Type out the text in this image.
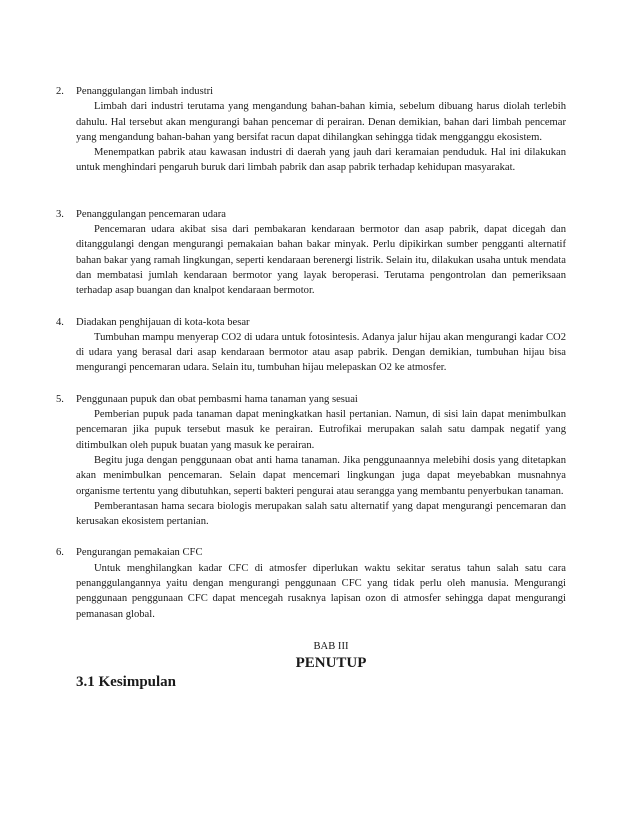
2.	Penanggulangan limbah industri

Limbah dari industri terutama yang mengandung bahan-bahan kimia, sebelum dibuang harus diolah terlebih dahulu. Hal tersebut akan mengurangi bahan pencemar di perairan. Denan demikian, bahan dari limbah pencemar yang mengandung bahan-bahan yang bersifat racun dapat dihilangkan sehingga tidak mengganggu ekosistem.

Menempatkan pabrik atau kawasan industri di daerah yang jauh dari keramaian penduduk. Hal ini dilakukan untuk menghindari pengaruh buruk dari limbah pabrik dan asap pabrik terhadap kehidupan masyarakat.

3.	Penanggulangan pencemaran udara

Pencemaran udara akibat sisa dari pembakaran kendaraan bermotor dan asap pabrik, dapat dicegah dan ditanggulangi dengan mengurangi pemakaian bahan bakar minyak. Perlu dipikirkan sumber pengganti alternatif bahan bakar yang ramah lingkungan, seperti kendaraan berenergi listrik. Selain itu, dilakukan usaha untuk mendata dan membatasi jumlah kendaraan bermotor yang layak beroperasi. Terutama pengontrolan dan pemeriksaan terhadap asap buangan dan knalpot kendaraan bermotor.

4.	Diadakan penghijauan di kota-kota besar

Tumbuhan mampu menyerap CO2 di udara untuk fotosintesis. Adanya jalur hijau akan mengurangi kadar CO2 di udara yang berasal dari asap kendaraan bermotor atau asap pabrik. Dengan demikian, tumbuhan hijau bisa mengurangi pencemaran udara. Selain itu, tumbuhan hijau melepaskan O2 ke atmosfer.

5.	Penggunaan pupuk dan obat pembasmi hama tanaman yang sesuai

Pemberian pupuk pada tanaman dapat meningkatkan hasil pertanian. Namun, di sisi lain dapat menimbulkan pencemaran jika pupuk tersebut masuk ke perairan. Eutrofikai merupakan salah satu dampak negatif yang ditimbulkan oleh pupuk buatan yang masuk ke perairan.

Begitu juga dengan penggunaan obat anti hama tanaman. Jika penggunaannya melebihi dosis yang ditetapkan akan menimbulkan pencemaran. Selain dapat mencemari lingkungan juga dapat meyebabkan musnahnya organisme tertentu yang dibutuhkan, seperti bakteri pengurai atau serangga yang membantu penyerbukan tanaman.

Pemberantasan hama secara biologis merupakan salah satu alternatif yang dapat mengurangi pencemaran dan kerusakan ekosistem pertanian.

6.	Pengurangan pemakaian CFC

Untuk menghilangkan kadar CFC di atmosfer diperlukan waktu sekitar seratus tahun salah satu cara penanggulangannya yaitu dengan mengurangi penggunaan CFC yang tidak perlu oleh manusia. Mengurangi penggunaan penggunaan CFC dapat mencegah rusaknya lapisan ozon di atmosfer sehingga dapat mengurangi pemanasan global.

BAB III

PENUTUP

3.1 Kesimpulan
